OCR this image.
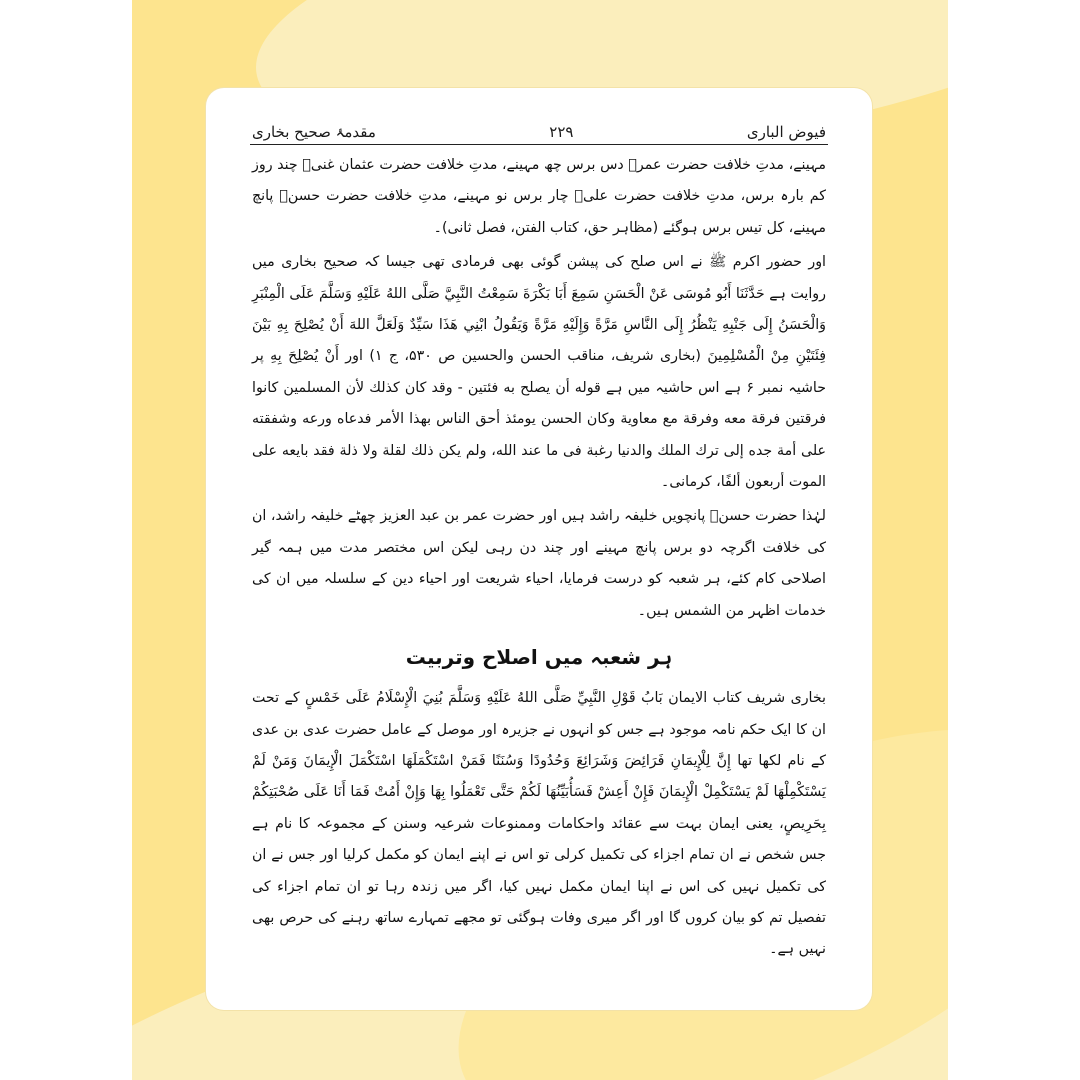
فیوض الباری
۲۲۹
مقدمۂ صحیح بخاری

مہینے، مدتِ خلافت حضرت عمرؓ دس برس چھ مہینے، مدتِ خلافت حضرت عثمان غنیؓ چند روز کم بارہ برس، مدتِ خلافت حضرت علیؓ چار برس نو مہینے، مدتِ خلافت حضرت حسنؓ پانچ مہینے، کل تیس برس ہوگئے (مظاہر حق، کتاب الفتن، فصل ثانی)۔

اور حضور اکرم ﷺ نے اس صلح کی پیشن گوئی بھی فرمادی تھی جیسا کہ صحیح بخاری میں روایت ہے حَدَّثَنَا أَبُو مُوسَى عَنْ الْحَسَنِ سَمِعَ أَبَا بَكْرَةَ سَمِعْتُ النَّبِيَّ صَلَّى اللهُ عَلَيْهِ وَسَلَّمَ عَلَى الْمِنْبَرِ وَالْحَسَنُ إِلَى جَنْبِهِ يَنْظُرُ إِلَى النَّاسِ مَرَّةً وَإِلَيْهِ مَرَّةً وَيَقُولُ ابْنِي هَذَا سَيِّدٌ وَلَعَلَّ اللهَ أَنْ يُصْلِحَ بِهِ بَيْنَ فِئَتَيْنِ مِنْ الْمُسْلِمِينَ (بخاری شریف، مناقب الحسن والحسین ص ۵۳۰، ج ۱) اور أَنْ يُصْلِحَ بِهِ پر حاشیہ نمبر ۶ ہے اس حاشیہ میں ہے قوله أن يصلح به فئتين - وقد كان كذلك لأن المسلمين كانوا فرقتين فرقة معه وفرقة مع معاوية وكان الحسن يومئذ أحق الناس بهذا الأمر فدعاه ورعه وشفقته على أمة جده إلى ترك الملك والدنيا رغبة فى ما عند الله، ولم يكن ذلك لقلة ولا ذلة فقد بايعه على الموت أربعون ألفًا، كرمانى۔

لہٰذا حضرت حسنؓ پانچویں خلیفہ راشد ہیں اور حضرت عمر بن عبد العزیز چھٹے خلیفہ راشد، ان کی خلافت اگرچہ دو برس پانچ مہینے اور چند دن رہی لیکن اس مختصر مدت میں ہمہ گیر اصلاحی کام کئے، ہر شعبہ کو درست فرمایا، احیاء شریعت اور احیاء دین کے سلسلہ میں ان کی خدمات اظہر من الشمس ہیں۔

ہر شعبہ میں اصلاح وتربیت

بخاری شریف کتاب الایمان بَابُ قَوْلِ النَّبِيِّ صَلَّى اللهُ عَلَيْهِ وَسَلَّمَ بُنِيَ الْإِسْلَامُ عَلَى خَمْسٍ کے تحت ان کا ایک حکم نامہ موجود ہے جس کو انہوں نے جزیرہ اور موصل کے عامل حضرت عدی بن عدی کے نام لکھا تھا إِنَّ لِلْإِيمَانِ فَرَائِضَ وَشَرَائِعَ وَحُدُودًا وَسُنَنًا فَمَنْ اسْتَكْمَلَهَا اسْتَكْمَلَ الْإِيمَانَ وَمَنْ لَمْ يَسْتَكْمِلْهَا لَمْ يَسْتَكْمِلْ الْإِيمَانَ فَإِنْ أَعِشْ فَسَأُبَيِّنُهَا لَكُمْ حَتَّى تَعْمَلُوا بِهَا وَإِنْ أَمُتْ فَمَا أَنَا عَلَى صُحْبَتِكُمْ بِحَرِيصٍ، یعنی ایمان بہت سے عقائد واحکامات وممنوعات شرعیہ وسنن کے مجموعہ کا نام ہے جس شخص نے ان تمام اجزاء کی تکمیل کرلی تو اس نے اپنے ایمان کو مکمل کرلیا اور جس نے ان کی تکمیل نہیں کی اس نے اپنا ایمان مکمل نہیں کیا، اگر میں زندہ رہا تو ان تمام اجزاء کی تفصیل تم کو بیان کروں گا اور اگر میری وفات ہوگئی تو مجھے تمہارے ساتھ رہنے کی حرص بھی نہیں ہے۔
